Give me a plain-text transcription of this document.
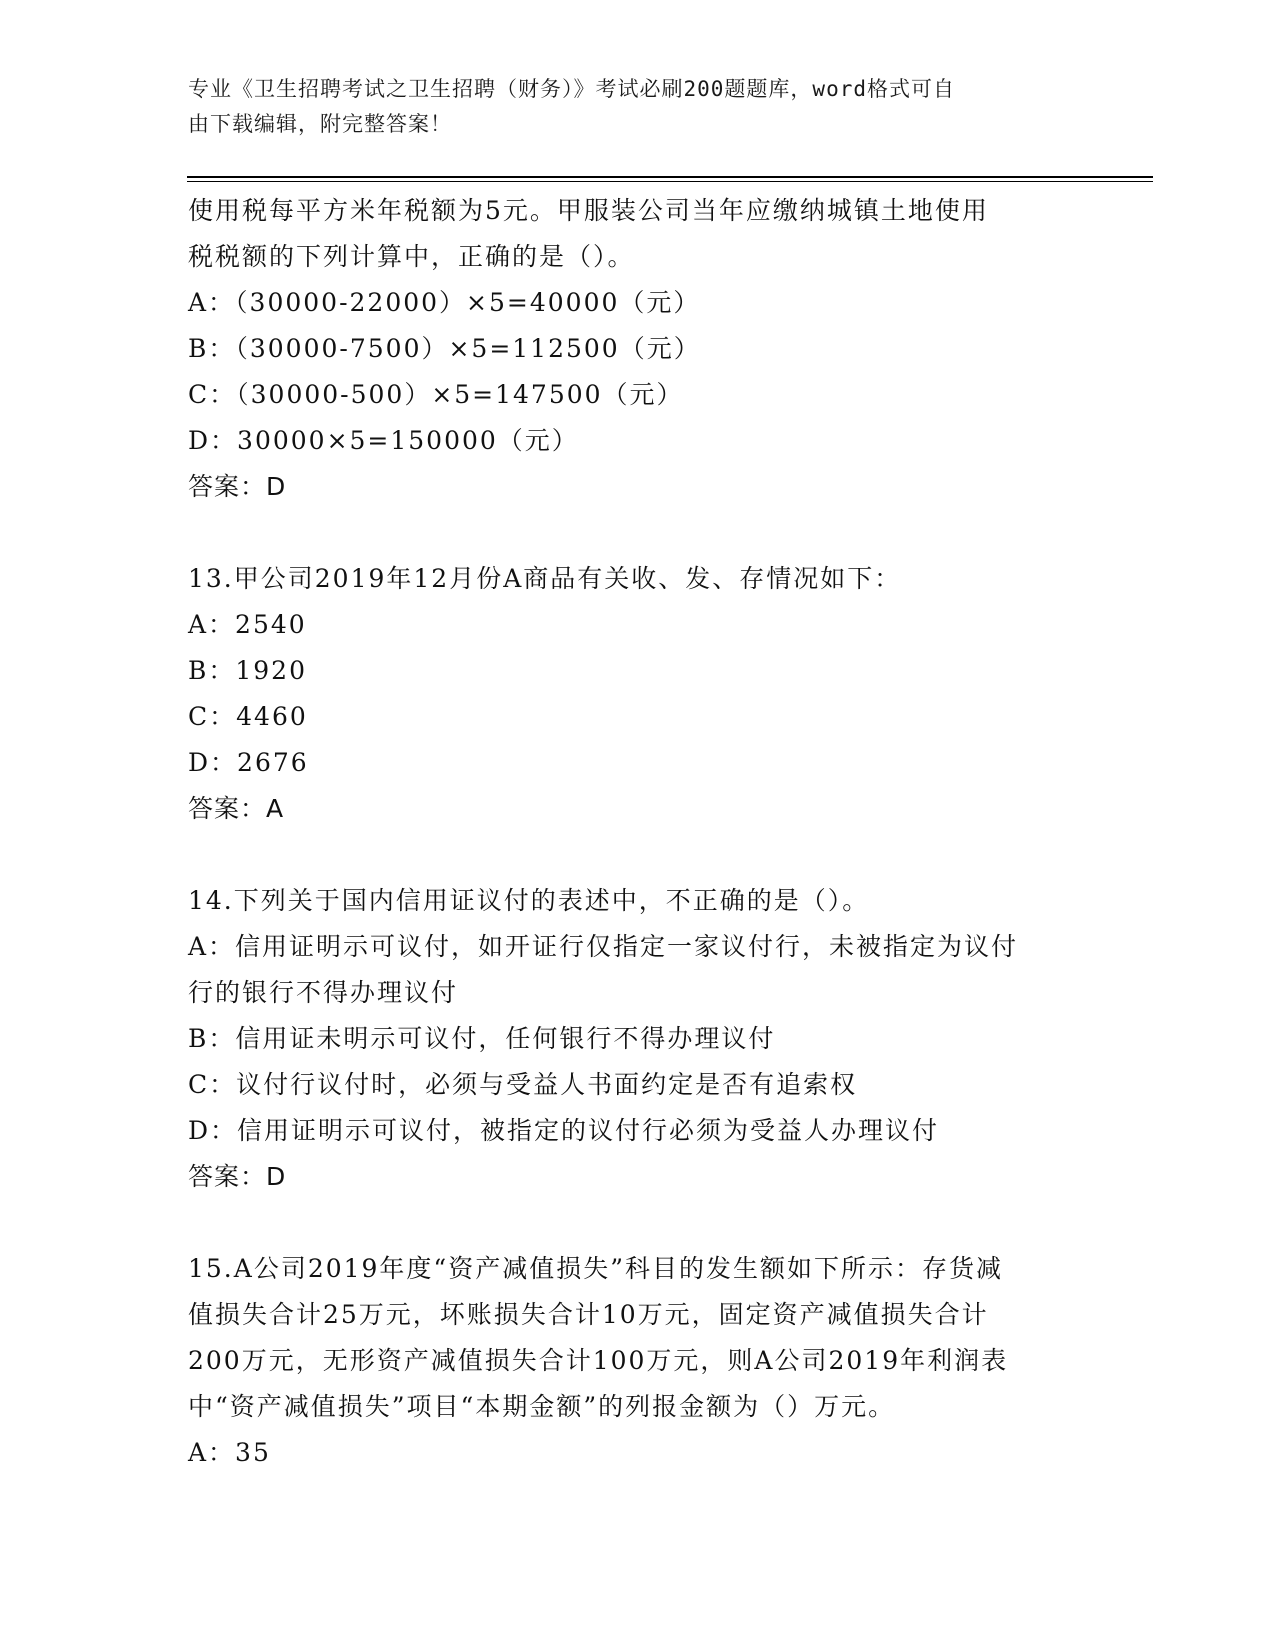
专业《卫生招聘考试之卫生招聘（财务）》考试必刷200题题库，word格式可自
由下载编辑，附完整答案！
使用税每平方米年税额为5元。甲服装公司当年应缴纳城镇土地使用
税税额的下列计算中，正确的是（）。
A：（30000-22000）×5=40000（元）
B：（30000-7500）×5=112500（元）
C：（30000-500）×5=147500（元）
D：30000×5=150000（元）
答案：D
13.甲公司2019年12月份A商品有关收、发、存情况如下：
A：2540
B：1920
C：4460
D：2676
答案：A
14.下列关于国内信用证议付的表述中，不正确的是（）。
A：信用证明示可议付，如开证行仅指定一家议付行，未被指定为议付
行的银行不得办理议付
B：信用证未明示可议付，任何银行不得办理议付
C：议付行议付时，必须与受益人书面约定是否有追索权
D：信用证明示可议付，被指定的议付行必须为受益人办理议付
答案：D
15.A公司2019年度“资产减值损失”科目的发生额如下所示：存货减
值损失合计25万元，坏账损失合计10万元，固定资产减值损失合计
200万元，无形资产减值损失合计100万元，则A公司2019年利润表
中“资产减值损失”项目“本期金额”的列报金额为（）万元。
A：35
